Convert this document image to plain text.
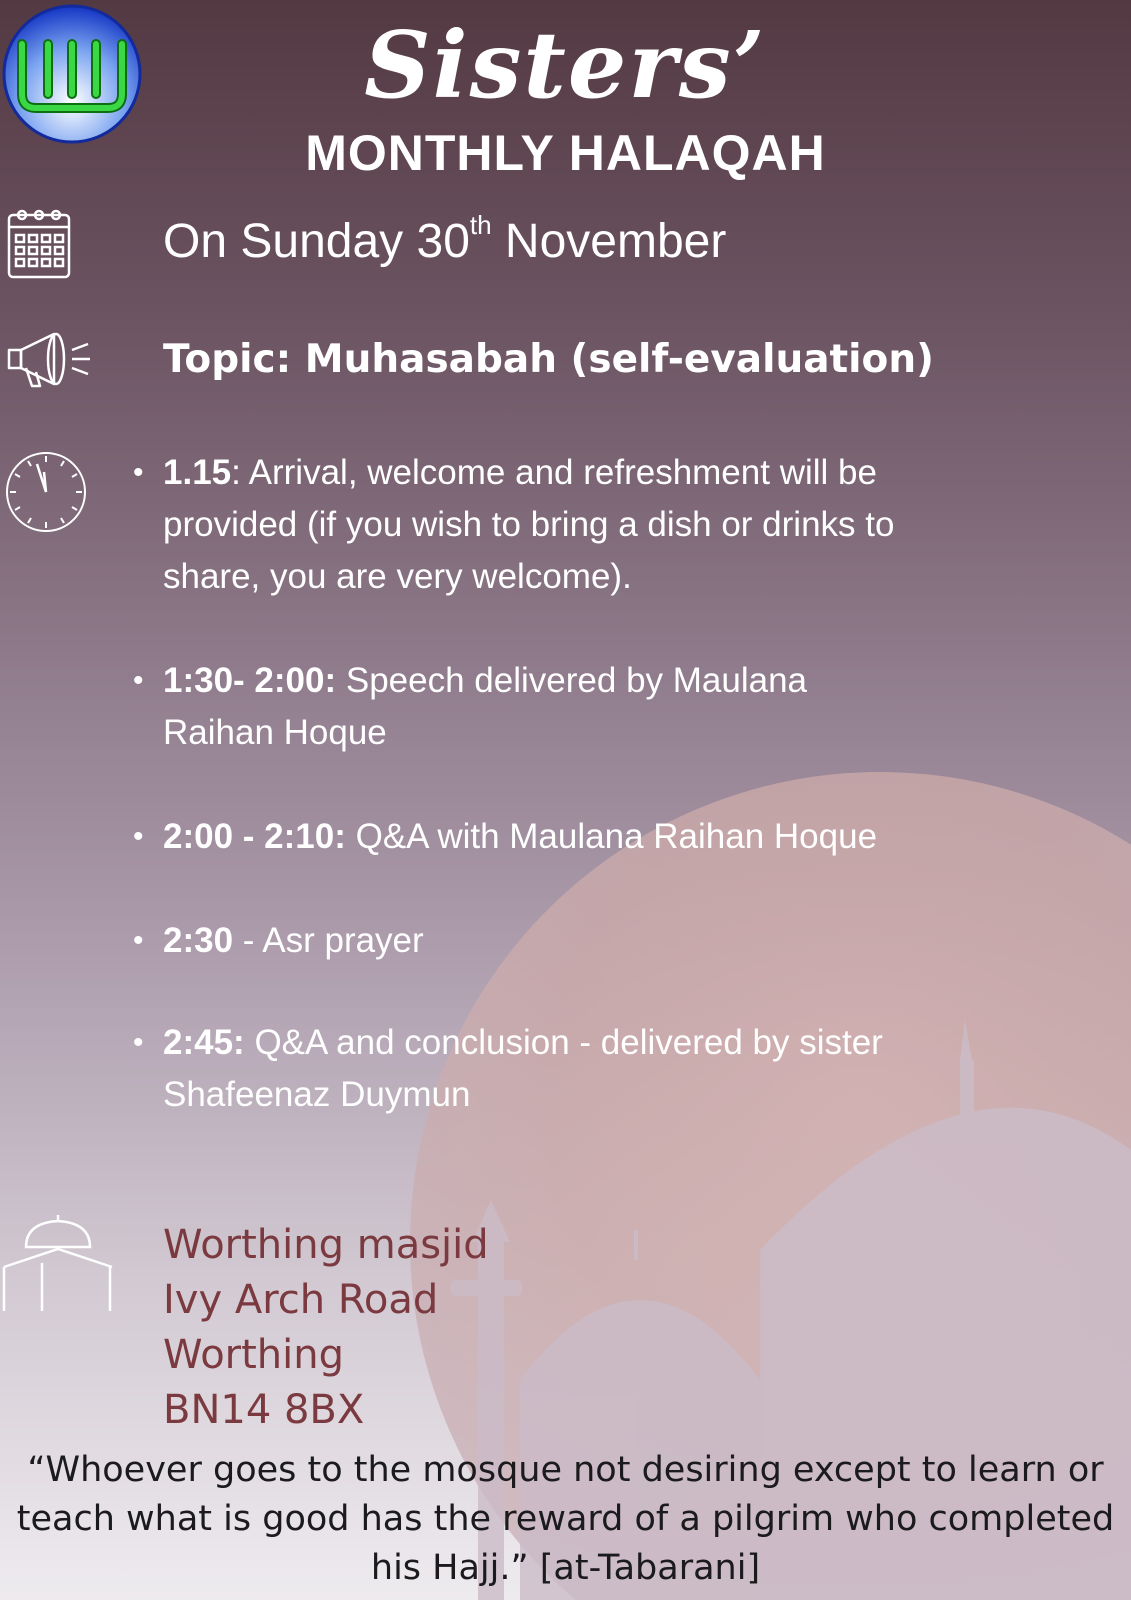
Sisters’
MONTHLY HALAQAH
On Sunday 30th November
Topic: Muhasabah (self-evaluation)
• 1.15: Arrival, welcome and refreshment will be provided (if you wish to bring a dish or drinks to share, you are very welcome).
• 1:30- 2:00: Speech delivered by Maulana Raihan Hoque
• 2:00 - 2:10: Q&A with Maulana Raihan Hoque
• 2:30 - Asr prayer
• 2:45: Q&A and conclusion - delivered by sister Shafeenaz Duymun
Worthing masjid
Ivy Arch Road
Worthing
BN14 8BX
“Whoever goes to the mosque not desiring except to learn or
teach what is good has the reward of a pilgrim who completed
his Hajj.” [at-Tabarani]
